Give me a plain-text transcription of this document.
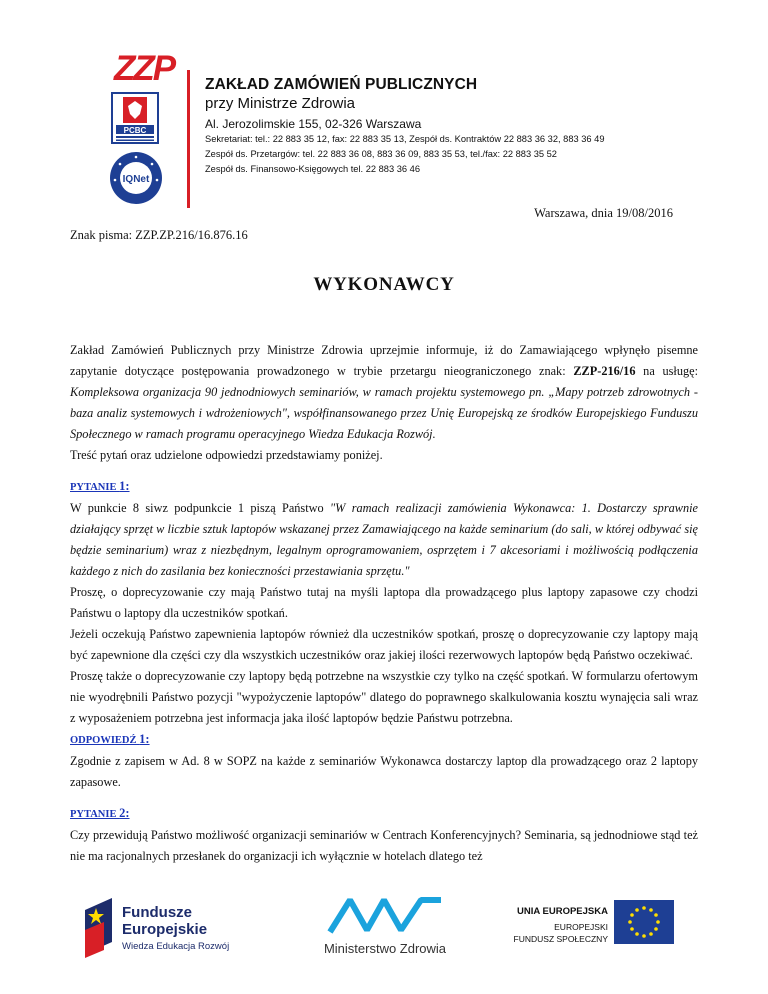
ZZP
PCBC
IQNet
ZAKŁAD ZAMÓWIEŃ PUBLICZNYCH
przy Ministrze Zdrowia
Al. Jerozolimskie 155, 02-326 Warszawa
Sekretariat: tel.: 22 883 35 12, fax: 22 883 35 13, Zespół ds. Kontraktów 22 883 36 32, 883 36 49
Zespół ds. Przetargów: tel. 22 883 36 08, 883 36 09, 883 35 53, tel./fax: 22 883 35 52
Zespół ds. Finansowo-Księgowych tel. 22 883 36 46
Warszawa, dnia 19/08/2016
Znak pisma: ZZP.ZP.216/16.876.16
WYKONAWCY

Zakład Zamówień Publicznych przy Ministrze Zdrowia uprzejmie informuje, iż do Zamawiającego wpłynęło pisemne zapytanie dotyczące postępowania prowadzonego w trybie przetargu nieograniczonego znak: ZZP-216/16 na usługę: Kompleksowa organizacja 90 jednodniowych seminariów, w ramach projektu systemowego pn. „Mapy potrzeb zdrowotnych - baza analiz systemowych i wdrożeniowych", współfinansowanego przez Unię Europejską ze środków Europejskiego Funduszu Społecznego w ramach programu operacyjnego Wiedza Edukacja Rozwój.

Treść pytań oraz udzielone odpowiedzi przedstawiamy poniżej.

PYTANIE 1:

W punkcie 8 siwz podpunkcie 1 piszą Państwo "W ramach realizacji zamówienia Wykonawca: 1. Dostarczy sprawnie działający sprzęt w liczbie sztuk laptopów wskazanej przez Zamawiającego na każde seminarium (do sali, w której odbywać się będzie seminarium) wraz z niezbędnym, legalnym oprogramowaniem, osprzętem i 7 akcesoriami i możliwością podłączenia każdego z nich do zasilania bez konieczności przestawiania sprzętu."

Proszę, o doprecyzowanie czy mają Państwo tutaj na myśli laptopa dla prowadzącego plus laptopy zapasowe czy chodzi Państwu o laptopy dla uczestników spotkań.

Jeżeli oczekują Państwo zapewnienia laptopów również dla uczestników spotkań, proszę o doprecyzowanie czy laptopy mają być zapewnione dla części czy dla wszystkich uczestników oraz jakiej ilości rezerwowych laptopów będą Państwo oczekiwać.

Proszę także o doprecyzowanie czy laptopy będą potrzebne na wszystkie czy tylko na część spotkań. W formularzu ofertowym nie wyodrębnili Państwo pozycji "wypożyczenie laptopów" dlatego do poprawnego skalkulowania kosztu wynajęcia sali wraz z wyposażeniem potrzebna jest informacja jaka ilość laptopów będzie Państwu potrzebna.

ODPOWIEDŹ 1:

Zgodnie z zapisem w Ad. 8 w SOPZ na każde z seminariów Wykonawca dostarczy laptop dla prowadzącego oraz 2 laptopy zapasowe.

PYTANIE 2:

Czy przewidują Państwo możliwość organizacji seminariów w Centrach Konferencyjnych? Seminaria, są jednodniowe stąd też nie ma racjonalnych przesłanek do organizacji ich wyłącznie w hotelach dlatego też

Fundusze
Europejskie
Wiedza Edukacja Rozwój	Ministerstwo Zdrowia
UNIA EUROPEJSKA
EUROPEJSKI
FUNDUSZ SPOŁECZNY
